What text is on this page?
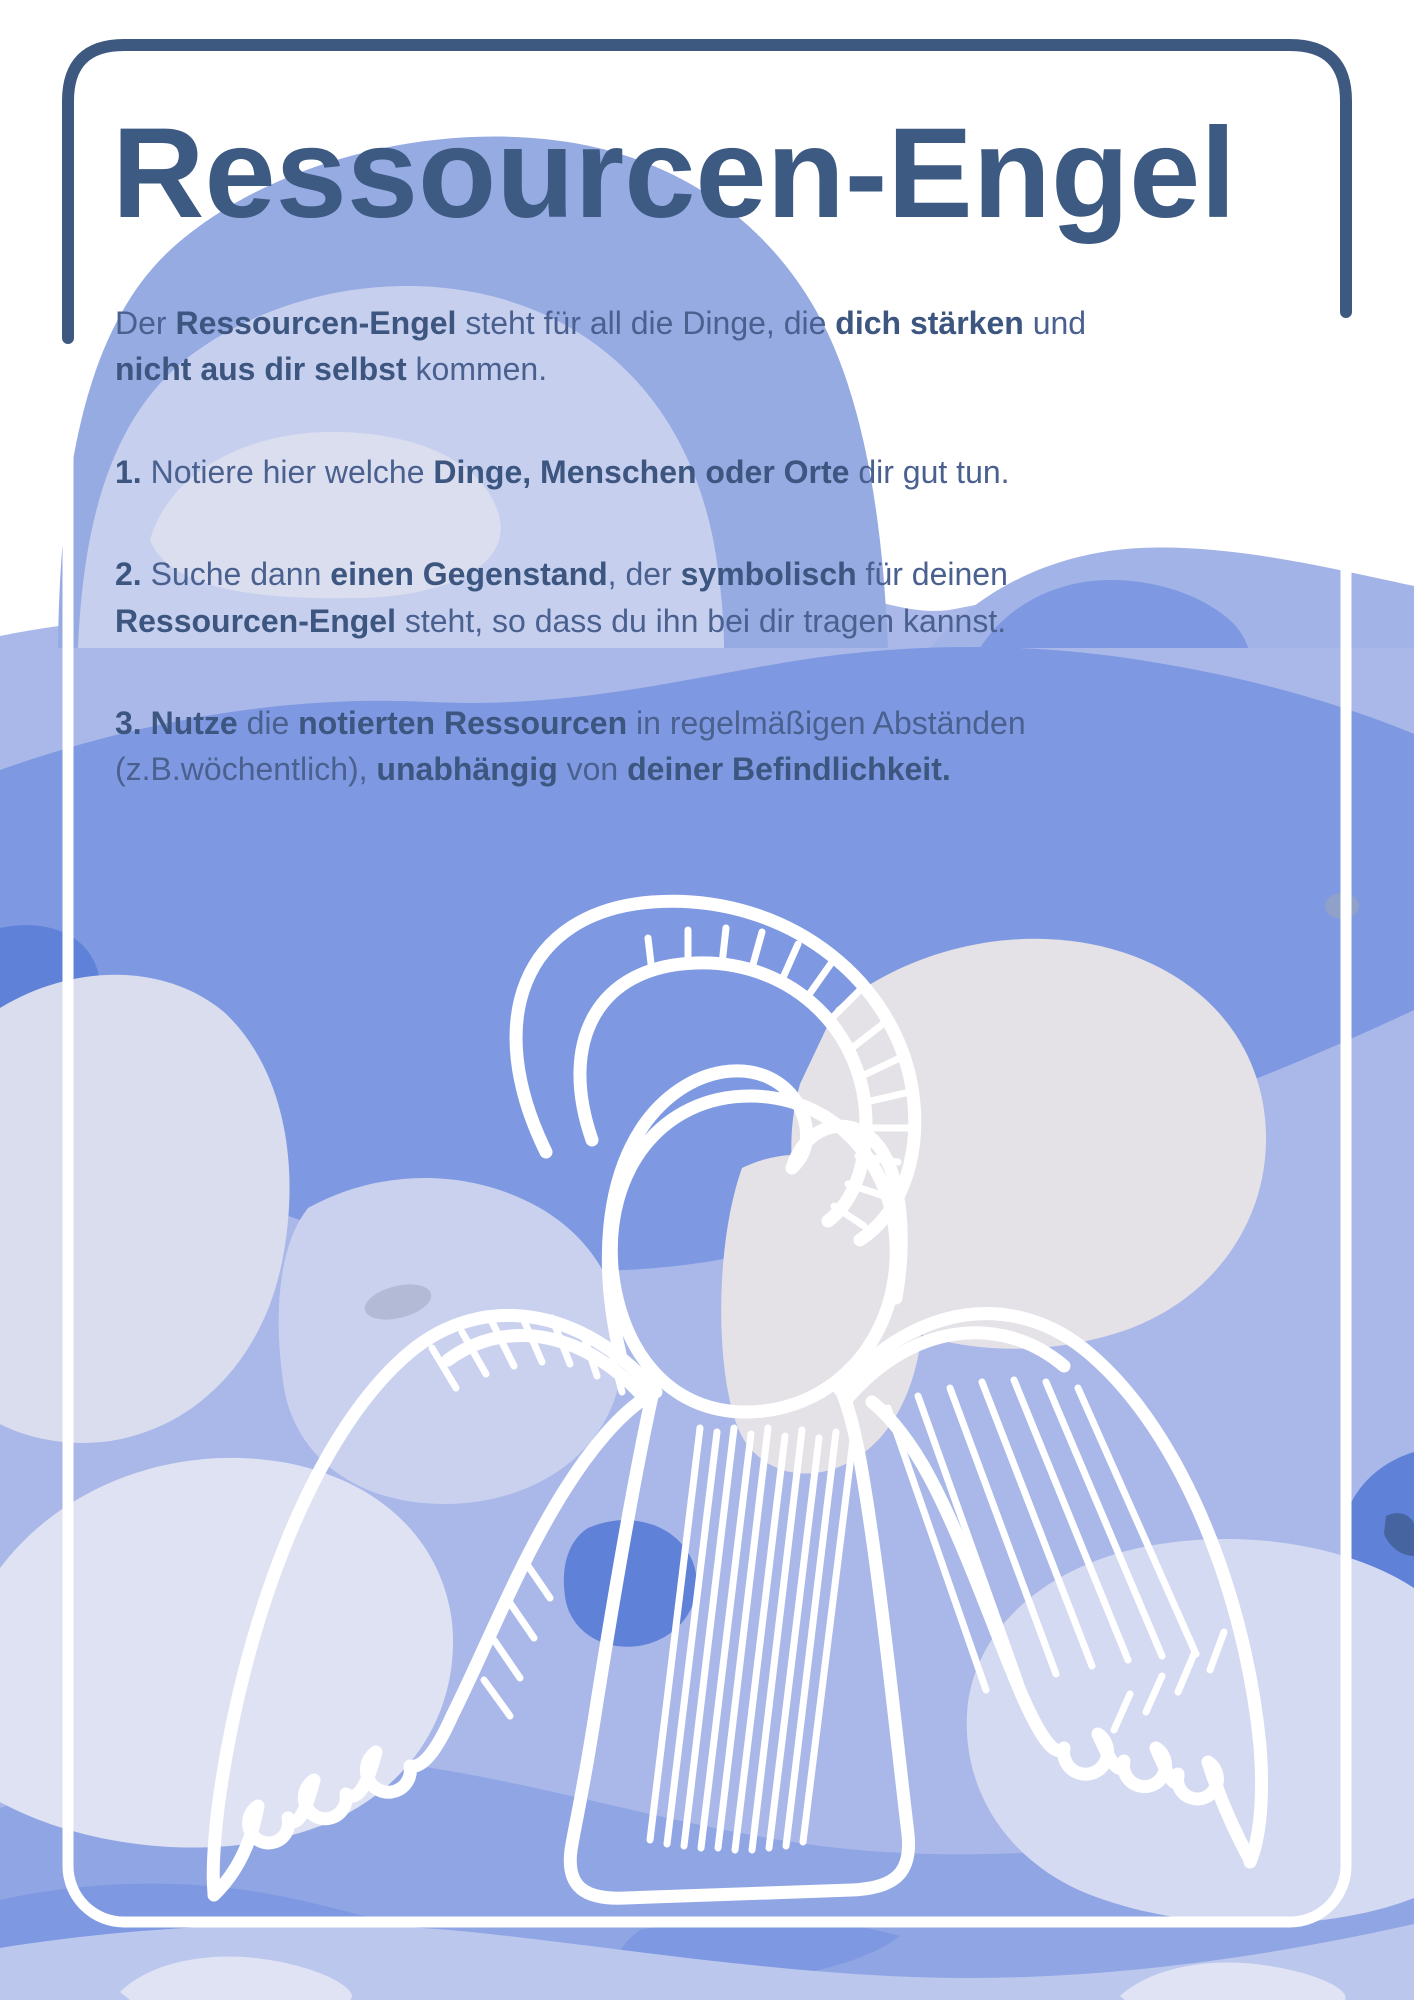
Ressourcen-Engel

Der Ressourcen-Engel steht für all die Dinge, die dich stärken und
nicht aus dir selbst kommen.

1. Notiere hier welche Dinge, Menschen oder Orte dir gut tun.

2. Suche dann einen Gegenstand, der symbolisch für deinen
Ressourcen-Engel steht, so dass du ihn bei dir tragen kannst.

3. Nutze die notierten Ressourcen in regelmäßigen Abständen
(z.B.wöchentlich), unabhängig von deiner Befindlichkeit.
